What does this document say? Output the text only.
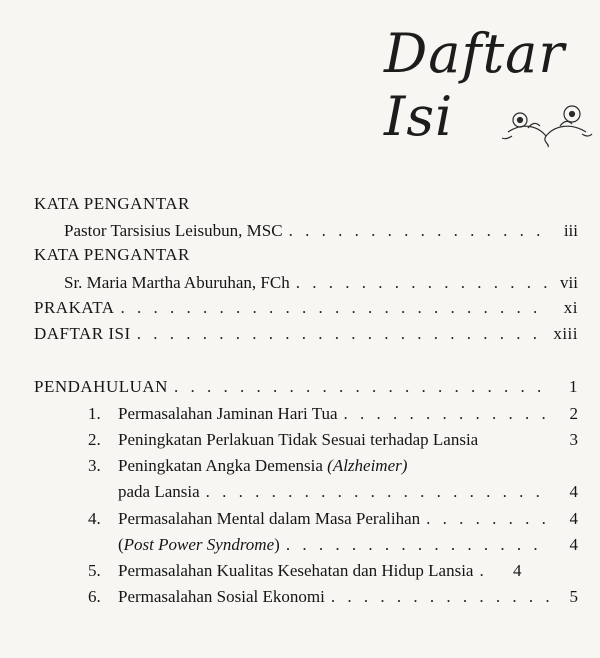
Daftar Isi
KATA PENGANTAR
Pastor Tarsisius Leisubun, MSC . . .	iii
KATA PENGANTAR
Sr. Maria Martha Aburuhan, FCh . . .	vii
PRAKATA . . .	xi
DAFTAR ISI . . .	xiii
PENDAHULUAN . . .	1
1. Permasalahan Jaminan Hari Tua . . .	2
2. Peningkatan Perlakuan Tidak Sesuai terhadap Lansia	3
3. Peningkatan Angka Demensia (Alzheimer)
pada Lansia . . .	4
4. Permasalahan Mental dalam Masa Peralihan . . .	4
(Post Power Syndrome) . . .	4
5. Permasalahan Kualitas Kesehatan dan Hidup Lansia . . .	4
6. Permasalahan Sosial Ekonomi . . .	5
